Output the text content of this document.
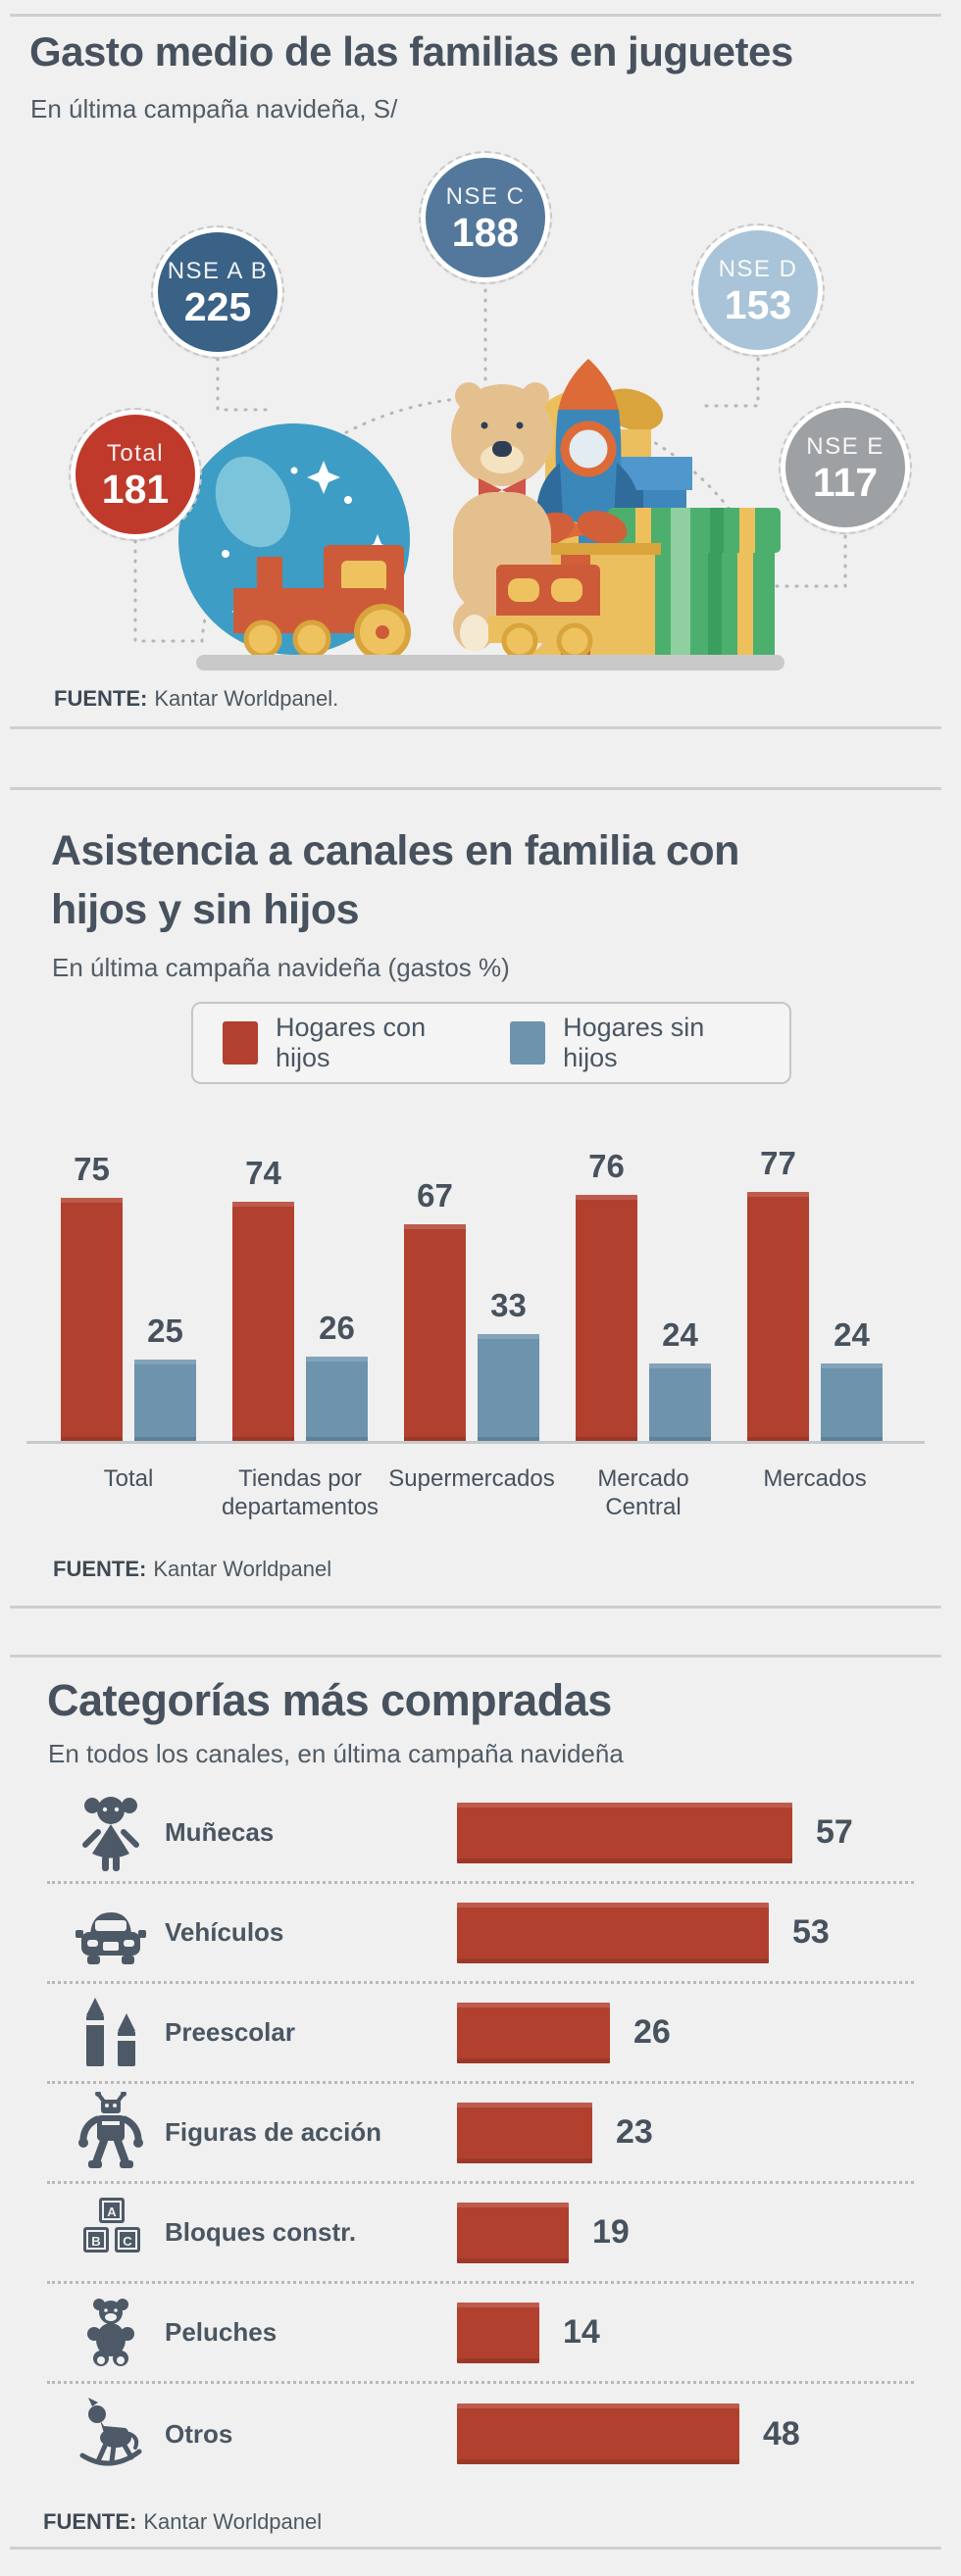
Gasto medio de las familias en juguetes
En última campaña navideña, S/
Total
181
NSE A B
225
NSE C
188
NSE D
153
NSE E
117
FUENTE: Kantar Worldpanel.
Asistencia a canales en familia con
hijos y sin hijos
En última campaña navideña (gastos %)
Hogares con hijos
Hogares sin hijos
75
25
74
26
67
33
76
24
77
24
Total	Tiendas por
departamentos
Supermercados	Mercado
Central
Mercados
FUENTE: Kantar Worldpanel
Categorías más compradas
En todos los canales, en última campaña navideña
Muñecas	57
Vehículos	53
Preescolar	26
Figuras de acción	23
A
B C Bloques constr.	19
Peluches	14
Otros	48
FUENTE: Kantar Worldpanel
